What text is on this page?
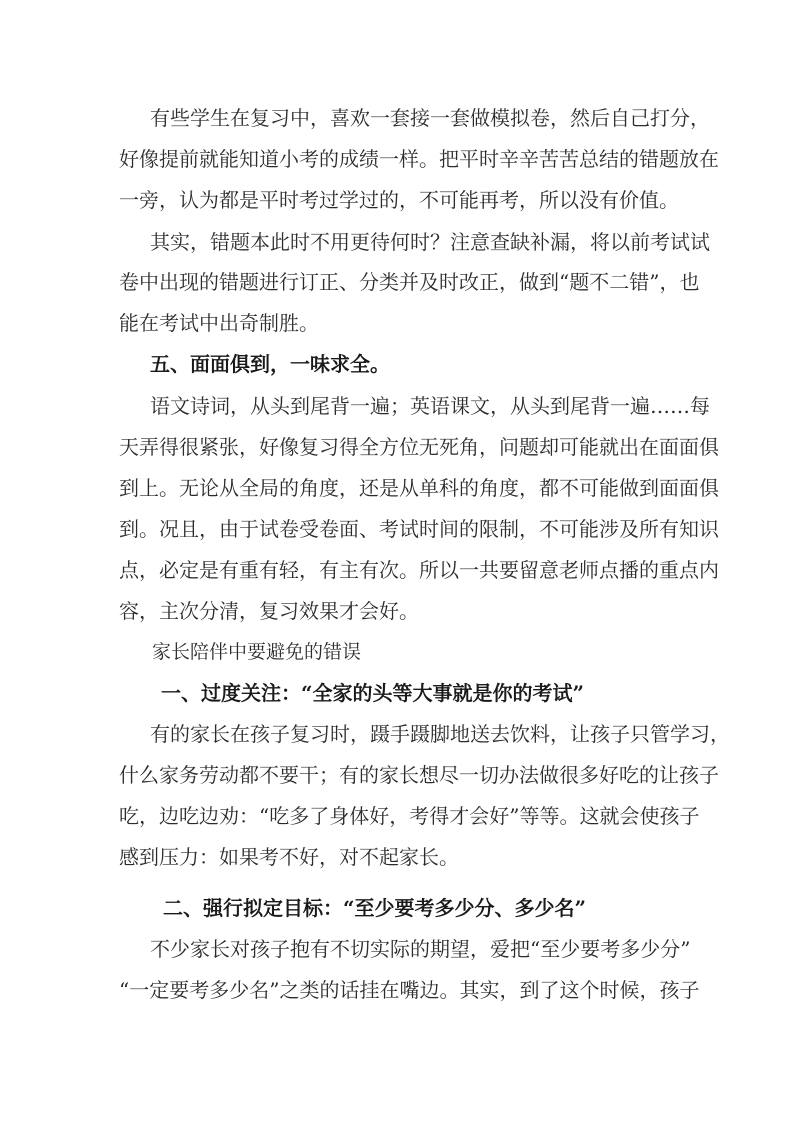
有些学生在复习中，喜欢一套接一套做模拟卷，然后自己打分，
好像提前就能知道小考的成绩一样。把平时辛辛苦苦总结的错题放在
一旁，认为都是平时考过学过的，不可能再考，所以没有价值。
其实，错题本此时不用更待何时？注意查缺补漏，将以前考试试
卷中出现的错题进行订正、分类并及时改正，做到“题不二错”，也
能在考试中出奇制胜。
五、面面俱到，一味求全。
语文诗词，从头到尾背一遍；英语课文，从头到尾背一遍……每
天弄得很紧张，好像复习得全方位无死角，问题却可能就出在面面俱
到上。无论从全局的角度，还是从单科的角度，都不可能做到面面俱
到。况且，由于试卷受卷面、考试时间的限制，不可能涉及所有知识
点，必定是有重有轻，有主有次。所以一共要留意老师点播的重点内
容，主次分清，复习效果才会好。
家长陪伴中要避免的错误
一、过度关注：“全家的头等大事就是你的考试”
有的家长在孩子复习时，蹑手蹑脚地送去饮料，让孩子只管学习，
什么家务劳动都不要干；有的家长想尽一切办法做很多好吃的让孩子
吃，边吃边劝：“吃多了身体好，考得才会好”等等。这就会使孩子
感到压力：如果考不好，对不起家长。
二、强行拟定目标：“至少要考多少分、多少名”
不少家长对孩子抱有不切实际的期望，爱把“至少要考多少分”
“一定要考多少名”之类的话挂在嘴边。其实，到了这个时候，孩子
